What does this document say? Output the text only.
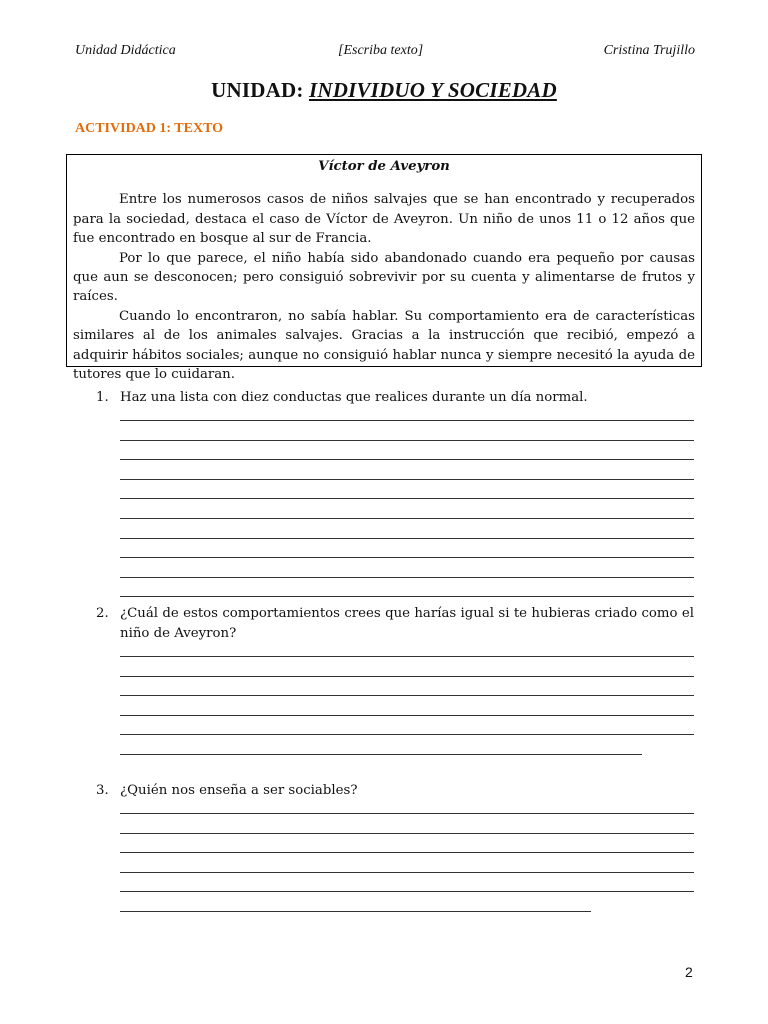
Unidad Didáctica	[Escriba texto]	Cristina Trujillo
UNIDAD: INDIVIDUO Y SOCIEDAD
ACTIVIDAD 1: TEXTO
Víctor de Aveyron

Entre los numerosos casos de niños salvajes que se han encontrado y recuperados para la sociedad, destaca el caso de Víctor de Aveyron. Un niño de unos 11 o 12 años que fue encontrado en bosque al sur de Francia.

Por lo que parece, el niño había sido abandonado cuando era pequeño por causas que aun se desconocen; pero consiguió sobrevivir por su cuenta y alimentarse de frutos y raíces.

Cuando lo encontraron, no sabía hablar. Su comportamiento era de características similares al de los animales salvajes. Gracias a la instrucción que recibió, empezó a adquirir hábitos sociales; aunque no consiguió hablar nunca y siempre necesitó la ayuda de tutores que lo cuidaran.

1. Haz una lista con diez conductas que realices durante un día normal.
2. ¿Cuál de estos comportamientos crees que harías igual si te hubieras criado como el niño de Aveyron?
3. ¿Quién nos enseña a ser sociables?
2
